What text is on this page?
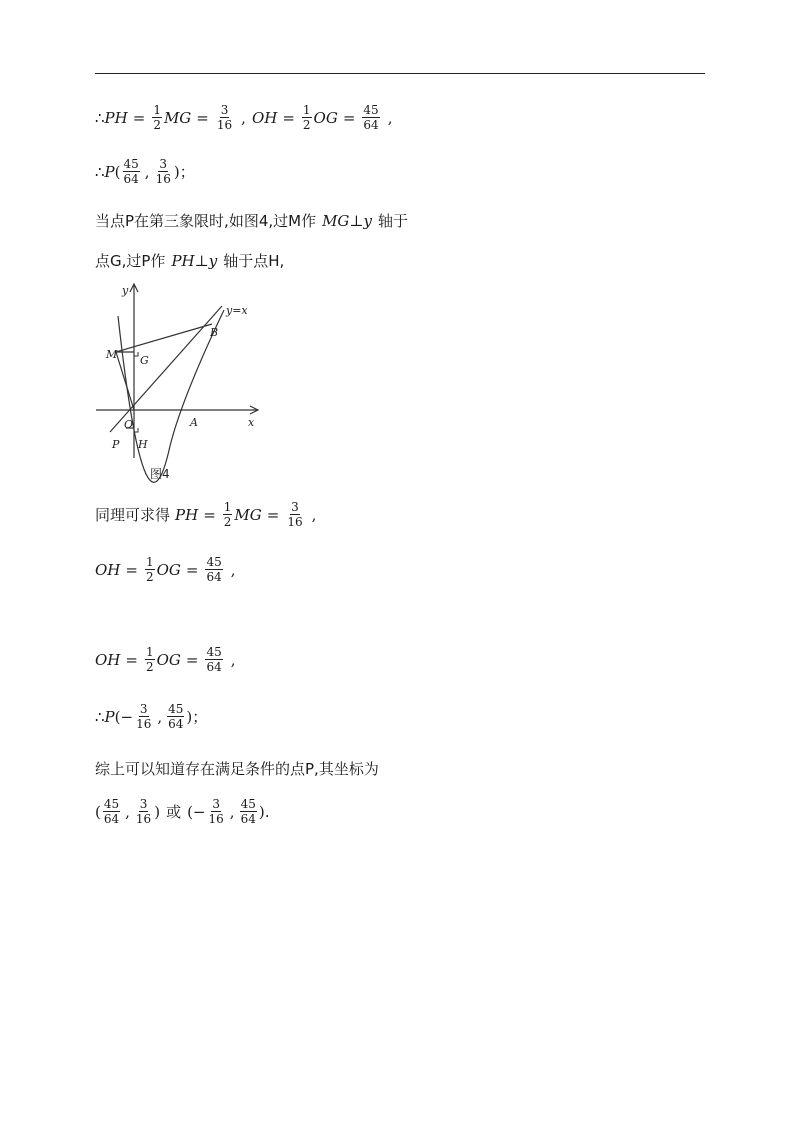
∴ PH = $\frac{1}{2}$ MG = $\frac{3}{16}$ , OH = $\frac{1}{2}$ OG = $\frac{45}{64}$ ,
∴ P ( $\frac{45}{64}$ , $\frac{3}{16}$ ) ；
当点P在第三象限时,如图4,过M作 MG⊥y 轴于
点G,过P作 PH⊥y 轴于点H,
y
x
y=x
B
M G
A
O
P H
图4
同理可求得 PH = $\frac{1}{2}$ MG = $\frac{3}{16}$ ,
OH = $\frac{1}{2}$ OG = $\frac{45}{64}$ ,
OH = $\frac{1}{2}$ OG = $\frac{45}{64}$ ,
∴ P (− $\frac{3}{16}$ , $\frac{45}{64}$ ) ；
综上可以知道存在满足条件的点P,其坐标为
( $\frac{45}{64}$ , $\frac{3}{16}$ ) 或 (− $\frac{3}{16}$ , $\frac{45}{64}$ ).
